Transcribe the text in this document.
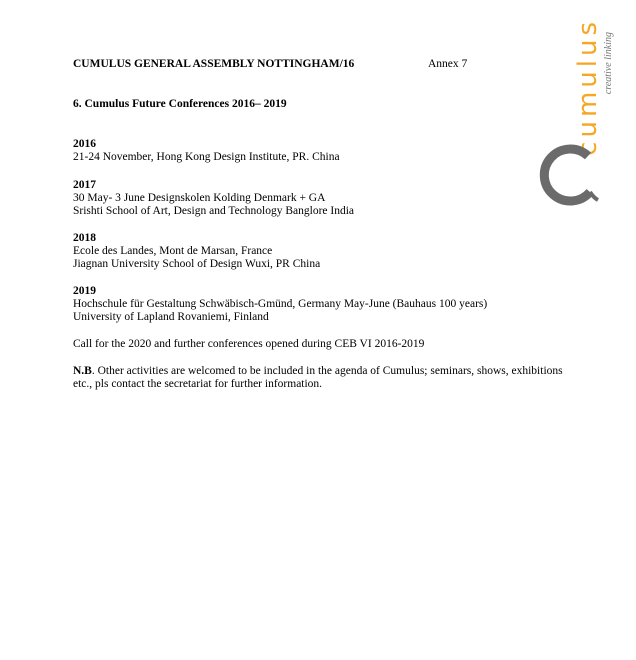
CUMULUS GENERAL ASSEMBLY NOTTINGHAM/16	Annex 7
6. Cumulus Future Conferences 2016– 2019
2016
21-24 November, Hong Kong Design Institute, PR. China
2017
30 May- 3 June Designskolen Kolding Denmark + GA
Srishti School of Art, Design and Technology Banglore India
2018
Ecole des Landes, Mont de Marsan, France
Jiagnan University School of Design Wuxi, PR China
2019
Hochschule für Gestaltung Schwäbisch-Gmünd, Germany May-June (Bauhaus 100 years)
University of Lapland Rovaniemi, Finland
Call for the 2020 and further conferences opened during CEB VI 2016-2019
N.B. Other activities are welcomed to be included in the agenda of Cumulus; seminars, shows, exhibitions
etc., pls contact the secretariat for further information.
cumulus creative linking
